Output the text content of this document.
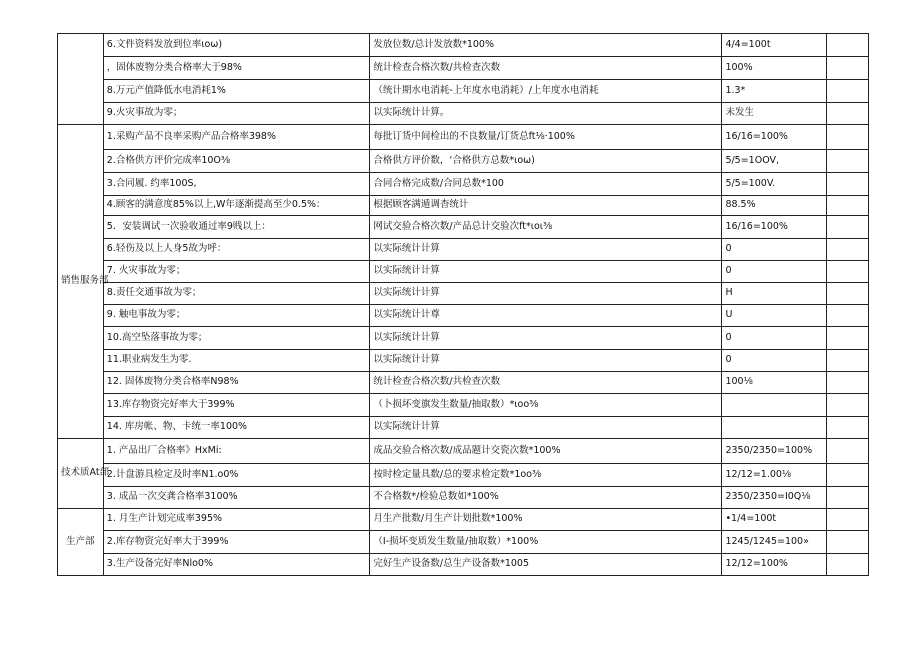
	6.文件资料发放到位率ιoω)	发放位数/总计发放数*100%	4/4=100t	
	，固体废物分类合格率大于98%	统计检查合格次数/共检查次数	100%	
	8.万元产值降低水电消耗1%	（统计期水电消耗-上年度水电消耗）/上年度水电消耗	1.3*	
	9.火灾事故为零；	以实际统计计算。	未发生	
销售服务部	1.采购产品不良率采购产品合格率398%	每批订货中间检出的不良数量/订货总ft⅛·100%	16/16=100%	
	2.合格供方评价完成率10O⅜	合格供方评价数，‘合格供方总数*ιoω)	5/5=1OOV,	
	3.合同履. 约率100S,	合同合格完成数/合同总数*100	5/5=100V.	
	4.顾客的满意度85%以上,W年逐渐提高至少0.5%：	根据顾客满遁调杳统计	88.5%	
	5．安装调试一次验收通过率9贱以上：	网试交验合格次数/产品总计交验次ft*ιoι⅜	16/16=100%	
	6.轻伤及以上人身5故为呼：	以实际统计计算	0	
	7. 火灾事故为零；	以实际统计计算	0	
	8.责任交通事故为零；	以实际统计计算	H	
	9. 触电事故为零；	以实际统计计尊	U	
	10.高空坠落事故为零；	以实际统计计算	0	
	11.职业病发生为零.	以实际统计计算	0	
	12. 固体废物分类合格率N98%	统计检查合格次数/共检查次数	100⅛	
	13.库存物资完好率大于399%	（卜损坏变旗发生数量/抽取数）*ιoo⅜		
	14. 库房帐、物、卡统一率100%	以实际统计计算		
技术质At部	1. 产品出厂合格率》HxMi:	成品交验合格次数/成品题计交瓷次数*100%	2350/2350=100%	
	2.计盘游具检定及时率N1.o0%	按时检定量具数/总的要求检定数*1oo⅜	12/12=1.00⅛	
	3. 成品一次交龚合格率3100%	不合格数*/检验总数如*100%	2350/2350=I0Q⅛	
生产部	1. 月生产计划完成率395%	月生产批数/月生产计划批数*100%	•1/4=100t	
	2.库存物资完好率大于399%	（I-损坏变质发生数量/抽取数）*100%	1245/1245=100»	
	3.生产设备完好率Nlo0%	完好生产设备数/总生产设备数*1005	12/12=100%	
